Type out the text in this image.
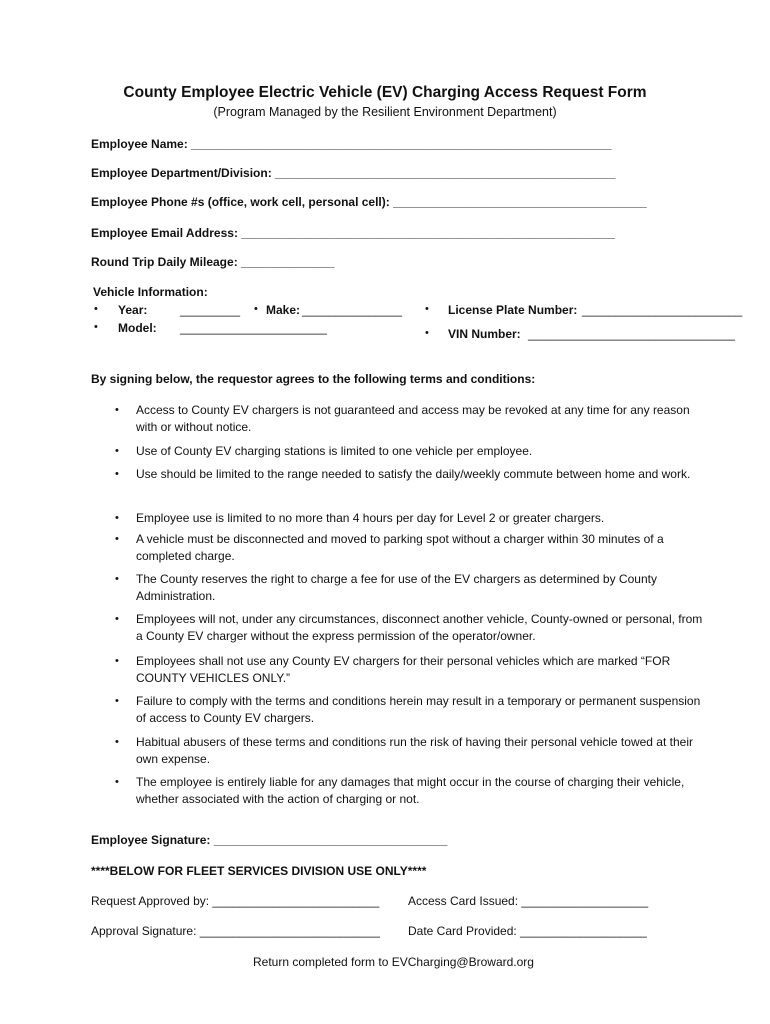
County Employee Electric Vehicle (EV) Charging Access Request Form
(Program Managed by the Resilient Environment Department)
Employee Name: _______________________________________________________________
Employee Department/Division: ___________________________________________________
Employee Phone #s (office, work cell, personal cell): ______________________________________
Employee Email Address: ________________________________________________________
Round Trip Daily Mileage: ______________
Vehicle Information:
• Year:	_________ • Make: _______________
• Model: ______________________
• License Plate Number: ________________________
• VIN Number: _______________________________
By signing below, the requestor agrees to the following terms and conditions:
•	Access to County EV chargers is not guaranteed and access may be revoked at any time for any reason with or without notice.
•	Use of County EV charging stations is limited to one vehicle per employee.
•	Use should be limited to the range needed to satisfy the daily/weekly commute between home and work.
•	Employee use is limited to no more than 4 hours per day for Level 2 or greater chargers.
•	A vehicle must be disconnected and moved to parking spot without a charger within 30 minutes of a completed charge.
•	The County reserves the right to charge a fee for use of the EV chargers as determined by County Administration.
•	Employees will not, under any circumstances, disconnect another vehicle, County-owned or personal, from a County EV charger without the express permission of the operator/owner.
•	Employees shall not use any County EV chargers for their personal vehicles which are marked “FOR COUNTY VEHICLES ONLY.”
•	Failure to comply with the terms and conditions herein may result in a temporary or permanent suspension of access to County EV chargers.
•	Habitual abusers of these terms and conditions run the risk of having their personal vehicle towed at their own expense.
•	The employee is entirely liable for any damages that might occur in the course of charging their vehicle, whether associated with the action of charging or not.
Employee Signature: ___________________________________
****BELOW FOR FLEET SERVICES DIVISION USE ONLY****
Request Approved by: _________________________ Access Card Issued: ___________________
Approval Signature: ___________________________ Date Card Provided: ___________________
Return completed form to EVCharging@Broward.org
